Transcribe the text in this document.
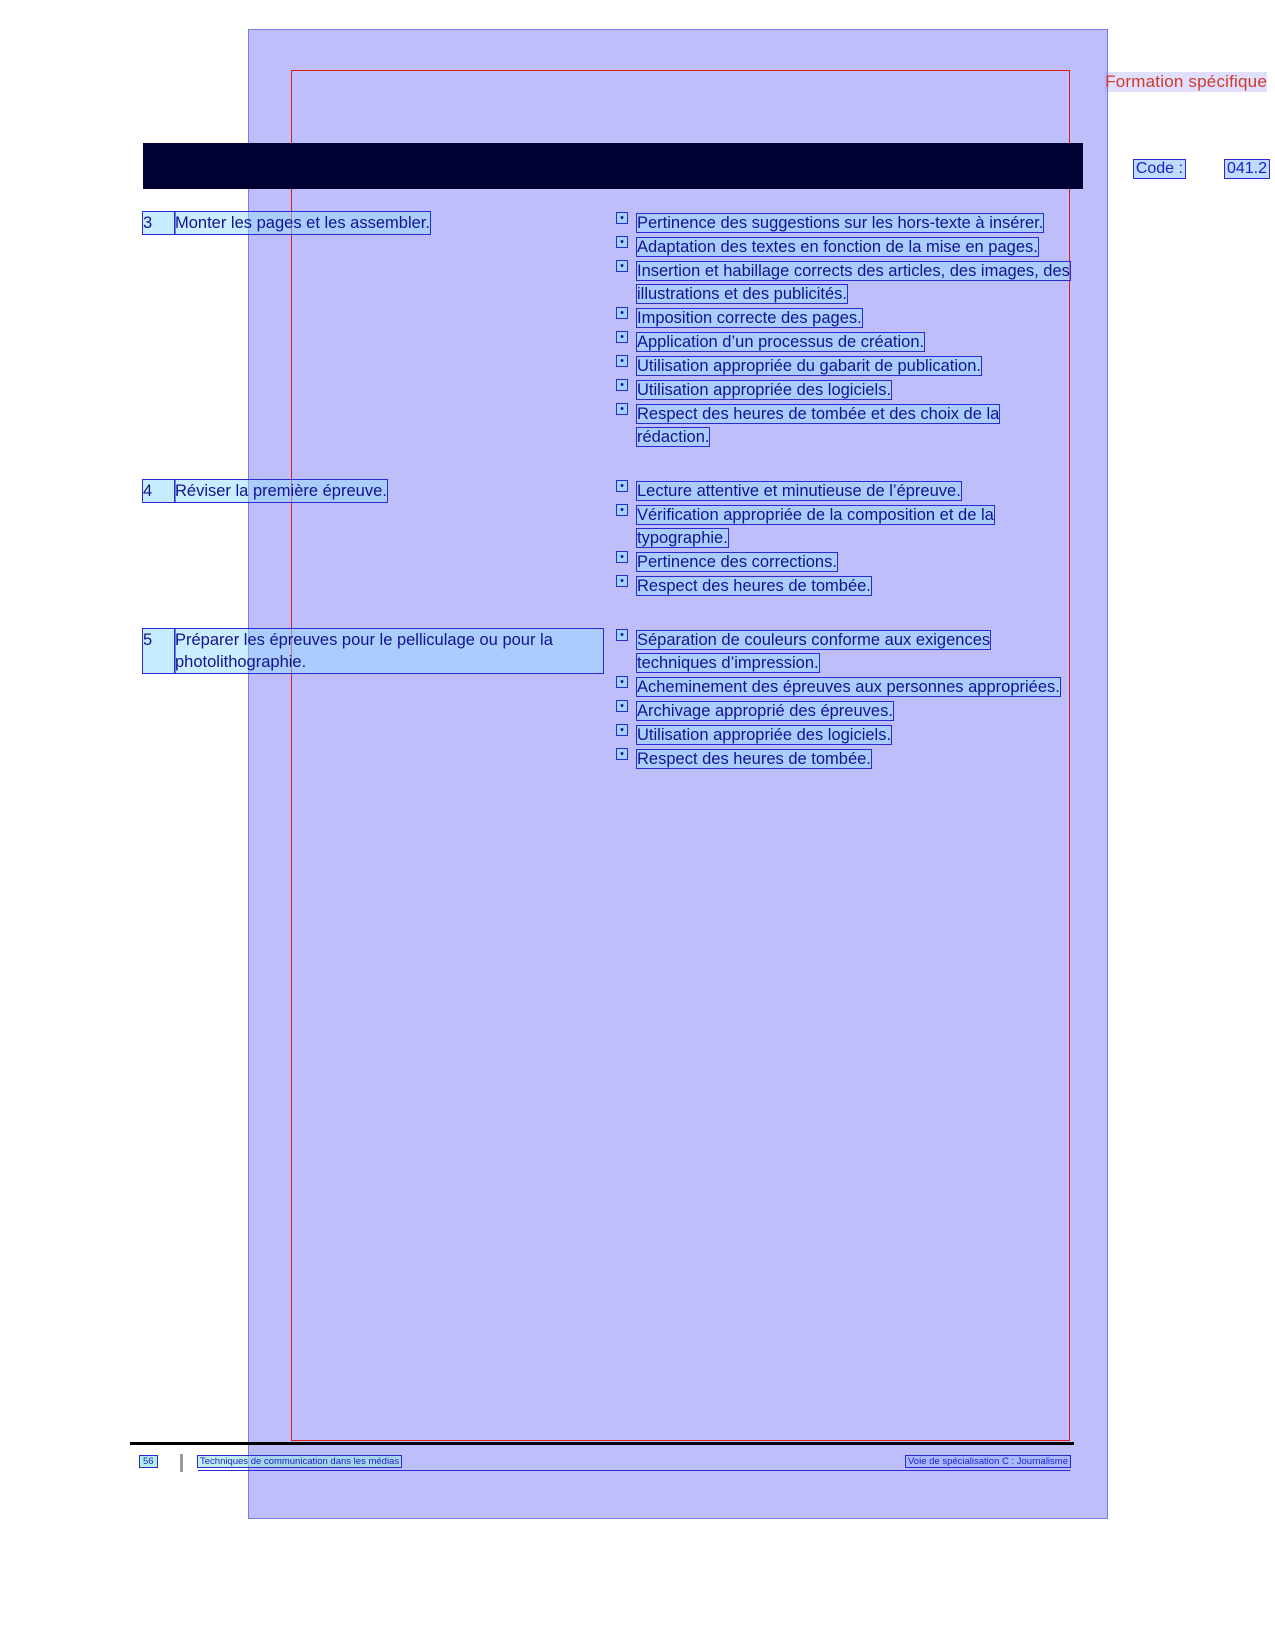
Formation spécifique
Code :	041.2
3	Monter les pages et les assembler.	• Pertinence des suggestions sur les hors-texte à insérer.
• Adaptation des textes en fonction de la mise en pages.
• Insertion et habillage corrects des articles, des images, des illustrations et des publicités.
• Imposition correcte des pages.
• Application d’un processus de création.
• Utilisation appropriée du gabarit de publication.
• Utilisation appropriée des logiciels.
• Respect des heures de tombée et des choix de la rédaction.
4	Réviser la première épreuve.	• Lecture attentive et minutieuse de l’épreuve.
• Vérification appropriée de la composition et de la typographie.
• Pertinence des corrections.
• Respect des heures de tombée.
5	Préparer les épreuves pour le pelliculage ou pour la photolithographie.
• Séparation de couleurs conforme aux exigences techniques d’impression.
• Acheminement des épreuves aux personnes appropriées.
• Archivage approprié des épreuves.
• Utilisation appropriée des logiciels.
• Respect des heures de tombée.
56	Techniques de communication dans les médias	Voie de spécialisation C : Journalisme
